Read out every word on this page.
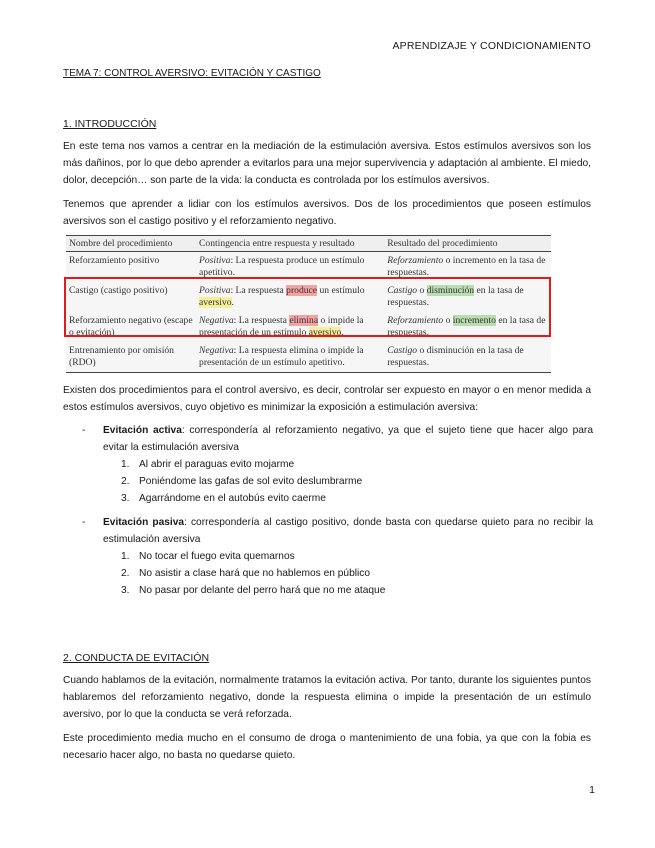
APRENDIZAJE Y CONDICIONAMIENTO
TEMA 7: CONTROL AVERSIVO: EVITACIÓN Y CASTIGO
1. INTRODUCCIÓN
En este tema nos vamos a centrar en la mediación de la estimulación aversiva. Estos estímulos aversivos son los más dañinos, por lo que debo aprender a evitarlos para una mejor supervivencia y adaptación al ambiente. El miedo, dolor, decepción… son parte de la vida: la conducta es controlada por los estímulos aversivos.
Tenemos que aprender a lidiar con los estímulos aversivos. Dos de los procedimientos que poseen estímulos aversivos son el castigo positivo y el reforzamiento negativo.
Nombre del procedimiento	Contingencia entre respuesta y resultado	Resultado del procedimiento
Reforzamiento positivo	Positiva: La respuesta produce un estímulo apetitivo.	Reforzamiento o incremento en la tasa de respuestas.
Castigo (castigo positivo)	Positiva: La respuesta produce un estímulo aversivo.	Castigo o disminución en la tasa de respuestas.
Reforzamiento negativo (escape o evitación)	Negativa: La respuesta elimina o impide la presentación de un estímulo aversivo.	Reforzamiento o incremento en la tasa de respuestas.
Entrenamiento por omisión (RDO)	Negativa: La respuesta elimina o impide la presentación de un estímulo apetitivo.	Castigo o disminución en la tasa de respuestas.
Existen dos procedimientos para el control aversivo, es decir, controlar ser expuesto en mayor o en menor medida a estos estímulos aversivos, cuyo objetivo es minimizar la exposición a estimulación aversiva:
- Evitación activa: correspondería al reforzamiento negativo, ya que el sujeto tiene que hacer algo para evitar la estimulación aversiva
1. Al abrir el paraguas evito mojarme
2. Poniéndome las gafas de sol evito deslumbrarme
3. Agarrándome en el autobús evito caerme
- Evitación pasiva: correspondería al castigo positivo, donde basta con quedarse quieto para no recibir la estimulación aversiva
1. No tocar el fuego evita quemarnos
2. No asistir a clase hará que no hablemos en público
3. No pasar por delante del perro hará que no me ataque
2. CONDUCTA DE EVITACIÓN
Cuando hablamos de la evitación, normalmente tratamos la evitación activa. Por tanto, durante los siguientes puntos hablaremos del reforzamiento negativo, donde la respuesta elimina o impide la presentación de un estímulo aversivo, por lo que la conducta se verá reforzada.
Este procedimiento media mucho en el consumo de droga o mantenimiento de una fobia, ya que con la fobia es necesario hacer algo, no basta no quedarse quieto.
1
